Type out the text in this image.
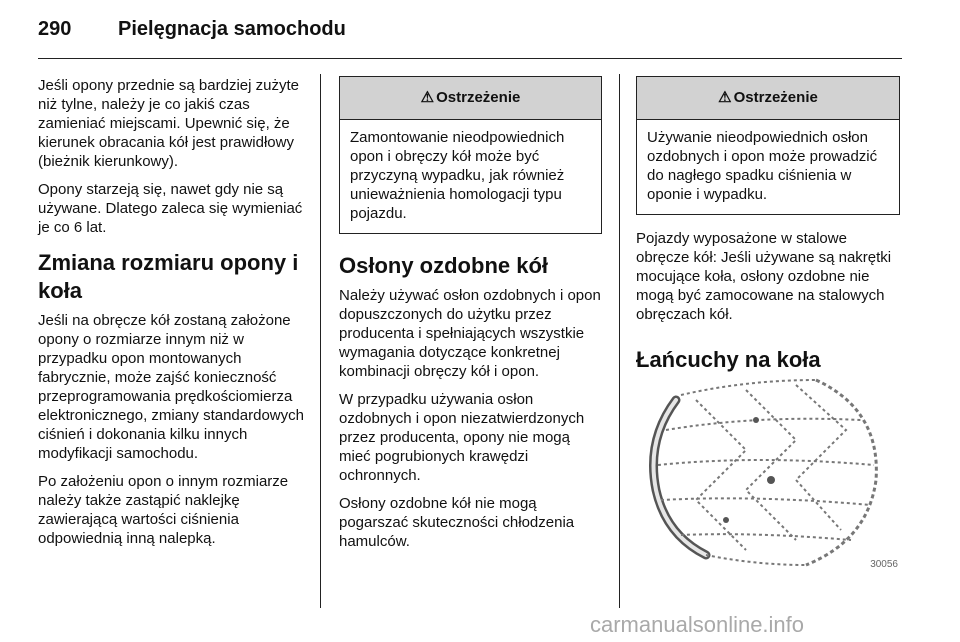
290 Pielęgnacja samochodu

Jeśli opony przednie są bardziej zużyte niż tylne, należy je co jakiś czas zamieniać miejscami. Upewnić się, że kierunek obracania kół jest prawidłowy (bieżnik kierunkowy).

Opony starzeją się, nawet gdy nie są używane. Dlatego zaleca się wymieniać je co 6 lat.

Zmiana rozmiaru opony i koła

Jeśli na obręcze kół zostaną założone opony o rozmiarze innym niż w przypadku opon montowanych fabrycznie, może zajść konieczność przeprogramowania prędkościomierza elektronicznego, zmiany standardowych ciśnień i dokonania kilku innych modyfikacji samochodu.

Po założeniu opon o innym rozmiarze należy także zastąpić naklejkę zawierającą wartości ciśnienia odpowiednią inną nalepką.

⚠ Ostrzeżenie
Zamontowanie nieodpowiednich opon i obręczy kół może być przyczyną wypadku, jak również unieważnienia homologacji typu pojazdu.
Osłony ozdobne kół

Należy używać osłon ozdobnych i opon dopuszczonych do użytku przez producenta i spełniających wszystkie wymagania dotyczące konkretnej kombinacji obręczy kół i opon.

W przypadku używania osłon ozdobnych i opon niezatwierdzonych przez producenta, opony nie mogą mieć pogrubionych krawędzi ochronnych.

Osłony ozdobne kół nie mogą pogarszać skuteczności chłodzenia hamulców.

⚠ Ostrzeżenie
Używanie nieodpowiednich osłon ozdobnych i opon może prowadzić do nagłego spadku ciśnienia w oponie i wypadku.

Pojazdy wyposażone w stalowe obręcze kół: Jeśli używane są nakrętki mocujące koła, osłony ozdobne nie mogą być zamocowane na stalowych obręczach kół.

Łańcuchy na koła
30056
carmanualsonline.info
